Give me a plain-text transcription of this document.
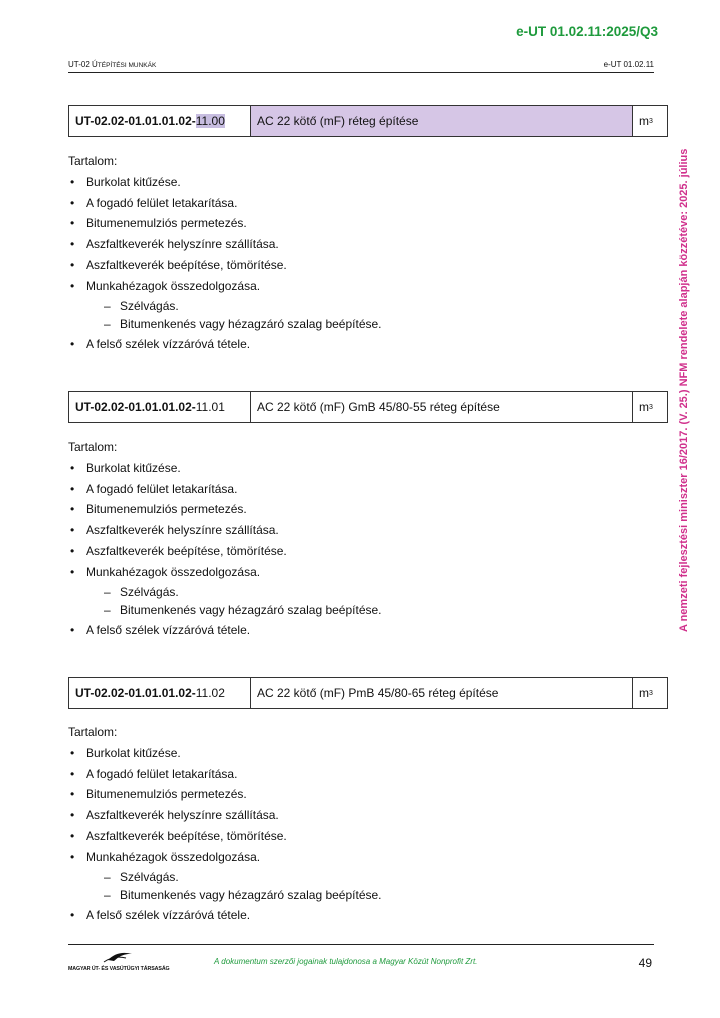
e-UT 01.02.11:2025/Q3
UT-02 ÚTÉPÍTÉSI MUNKÁK	e-UT 01.02.11
A nemzeti fejlesztési miniszter 16/2017. (V. 25.) NFM rendelete alapján közzétéve: 2025. július
UT-02.02-01.01.01.02- 11.00	AC 22 kötő (mF) réteg építése	m 3
Tartalom:
• Burkolat kitűzése.
• A fogadó felület letakarítása.
• Bitumenemulziós permetezés.
• Aszfaltkeverék helyszínre szállítása.
• Aszfaltkeverék beépítése, tömörítése.
• Munkahézagok összedolgozása.
– Szélvágás.
– Bitumenkenés vagy hézagzáró szalag beépítése.
• A felső szélek vízzáróvá tétele.
UT-02.02-01.01.01.02- 11.01	AC 22 kötő (mF) GmB 45/80-55 réteg építése	m 3
Tartalom:
• Burkolat kitűzése.
• A fogadó felület letakarítása.
• Bitumenemulziós permetezés.
• Aszfaltkeverék helyszínre szállítása.
• Aszfaltkeverék beépítése, tömörítése.
• Munkahézagok összedolgozása.
– Szélvágás.
– Bitumenkenés vagy hézagzáró szalag beépítése.
• A felső szélek vízzáróvá tétele.
UT-02.02-01.01.01.02- 11.02	AC 22 kötő (mF) PmB 45/80-65 réteg építése	m 3
Tartalom:
• Burkolat kitűzése.
• A fogadó felület letakarítása.
• Bitumenemulziós permetezés.
• Aszfaltkeverék helyszínre szállítása.
• Aszfaltkeverék beépítése, tömörítése.
• Munkahézagok összedolgozása.
– Szélvágás.
– Bitumenkenés vagy hézagzáró szalag beépítése.
• A felső szélek vízzáróvá tétele.
MAGYAR ÚT- ÉS VASÚTÜGYI TÁRSASÁG
A dokumentum szerzői jogainak tulajdonosa a Magyar Közút Nonprofit Zrt.	49
